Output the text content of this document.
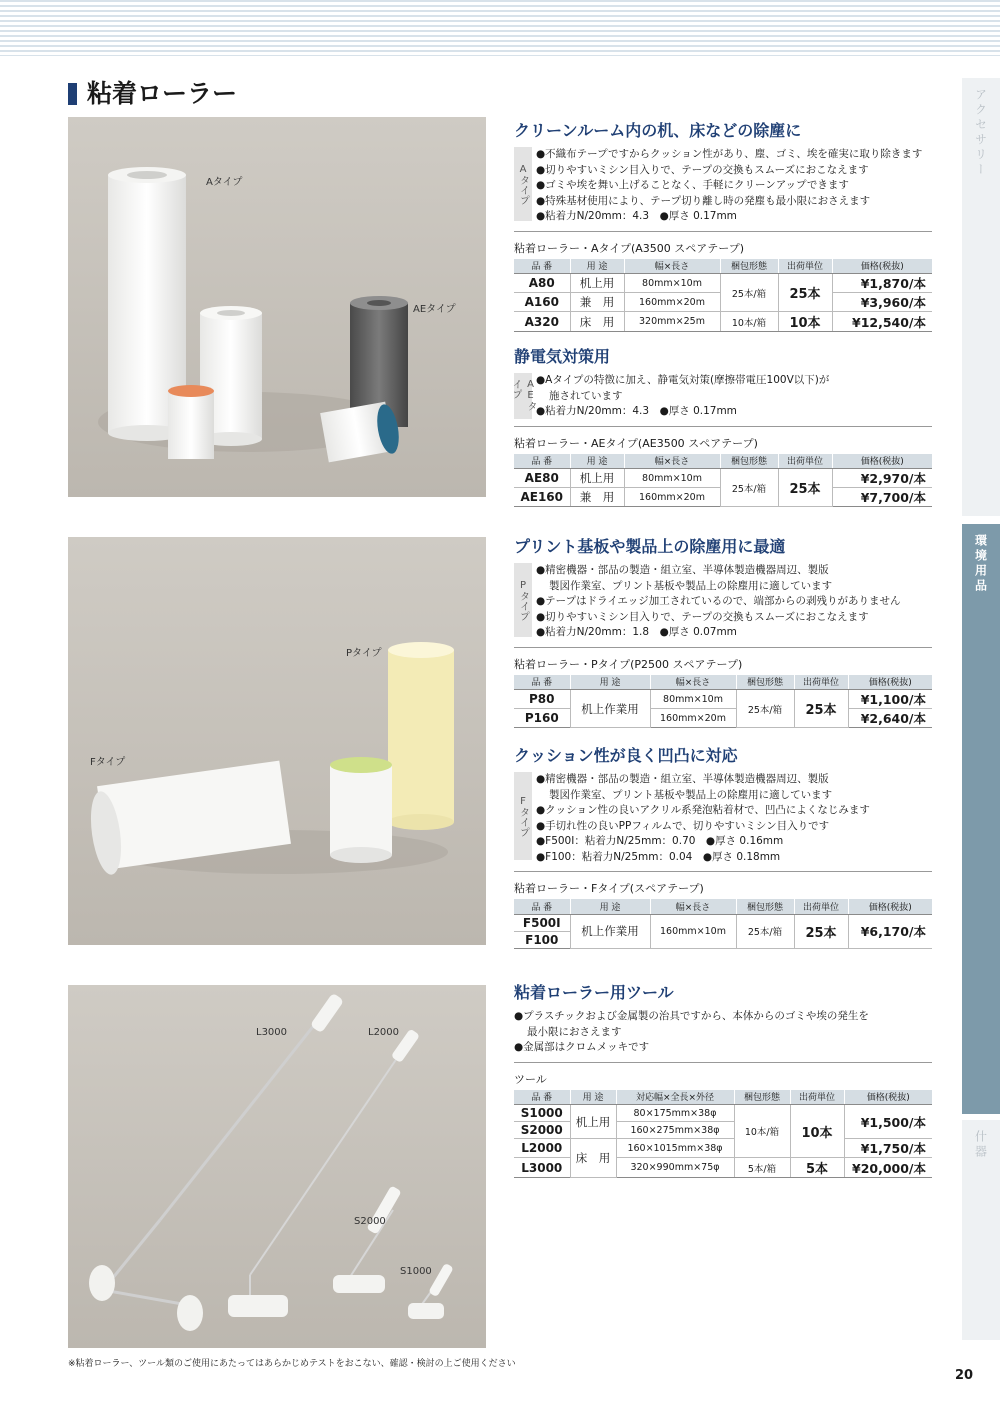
粘着ローラー	アクセサリー
環境用品
什器
Aタイプ
AEタイプ
Pタイプ
Fタイプ
L3000	L2000
S2000
S1000
クリーンルーム内の机、床などの除塵に
Aタイプ
●不織布テープですからクッション性があり、塵、ゴミ、埃を確実に取り除きます
●切りやすいミシン目入りで、テープの交換もスムーズにおこなえます
●ゴミや埃を舞い上げることなく、手軽にクリーンアップできます
●特殊基材使用により、テープ切り離し時の発塵も最小限におさえます
●粘着力N/20mm：4.3　●厚さ 0.17mm
粘着ローラー・Aタイプ(A3500 スペアテープ)
品 番	用 途	幅×長さ	梱包形態	出荷単位	価格(税抜)
A80	机上用	80mm×10m	25本/箱	25本	¥1,870/本
A160	兼　用	160mm×20m			¥3,960/本
A320	床　用	320mm×25m	10本/箱	10本	¥12,540/本
静電気対策用
AEタイプ	●Aタイプの特徴に加え、静電気対策(摩擦帯電圧100V以下)が
施されています
●粘着力N/20mm：4.3　●厚さ 0.17mm
粘着ローラー・AEタイプ(AE3500 スペアテープ)
品 番	用 途	幅×長さ	梱包形態	出荷単位	価格(税抜)
AE80	机上用	80mm×10m	25本/箱	25本	¥2,970/本
AE160	兼　用	160mm×20m			¥7,700/本
プリント基板や製品上の除塵用に最適
Pタイプ
●精密機器・部品の製造・組立室、半導体製造機器周辺、製版
製図作業室、プリント基板や製品上の除塵用に適しています
●テープはドライエッジ加工されているので、端部からの剥残りがありません
●切りやすいミシン目入りで、テープの交換もスムーズにおこなえます
●粘着力N/20mm：1.8　●厚さ 0.07mm
粘着ローラー・Pタイプ(P2500 スペアテープ)
品 番	用 途	幅×長さ	梱包形態	出荷単位	価格(税抜)
P80	机上作業用	80mm×10m	25本/箱	25本	¥1,100/本
P160		160mm×20m			¥2,640/本
クッション性が良く凹凸に対応
Fタイプ
●精密機器・部品の製造・組立室、半導体製造機器周辺、製版
製図作業室、プリント基板や製品上の除塵用に適しています
●クッション性の良いアクリル系発泡粘着材で、凹凸によくなじみます
●手切れ性の良いPPフィルムで、切りやすいミシン目入りです
●F500Ⅰ：粘着力N/25mm：0.70　●厚さ 0.16mm
●F100：粘着力N/25mm：0.04　●厚さ 0.18mm
粘着ローラー・Fタイプ(スペアテープ)
品 番	用 途	幅×長さ	梱包形態	出荷単位	価格(税抜)
F500Ⅰ	机上作業用	160mm×10m	25本/箱	25本	¥6,170/本
F100					
粘着ローラー用ツール
●プラスチックおよび金属製の治具ですから、本体からのゴミや埃の発生を
最小限におさえます
●金属部はクロムメッキです
ツール
品 番	用 途	対応幅×全長×外径	梱包形態	出荷単位	価格(税抜)
S1000	机上用	80×175mm×38φ	10本/箱	10本	¥1,500/本
S2000		160×275mm×38φ			
L2000	床　用	160×1015mm×38φ			¥1,750/本
L3000		320×990mm×75φ	5本/箱	5本	¥20,000/本
※粘着ローラー、ツール類のご使用にあたってはあらかじめテストをおこない、確認・検討の上ご使用ください
20
